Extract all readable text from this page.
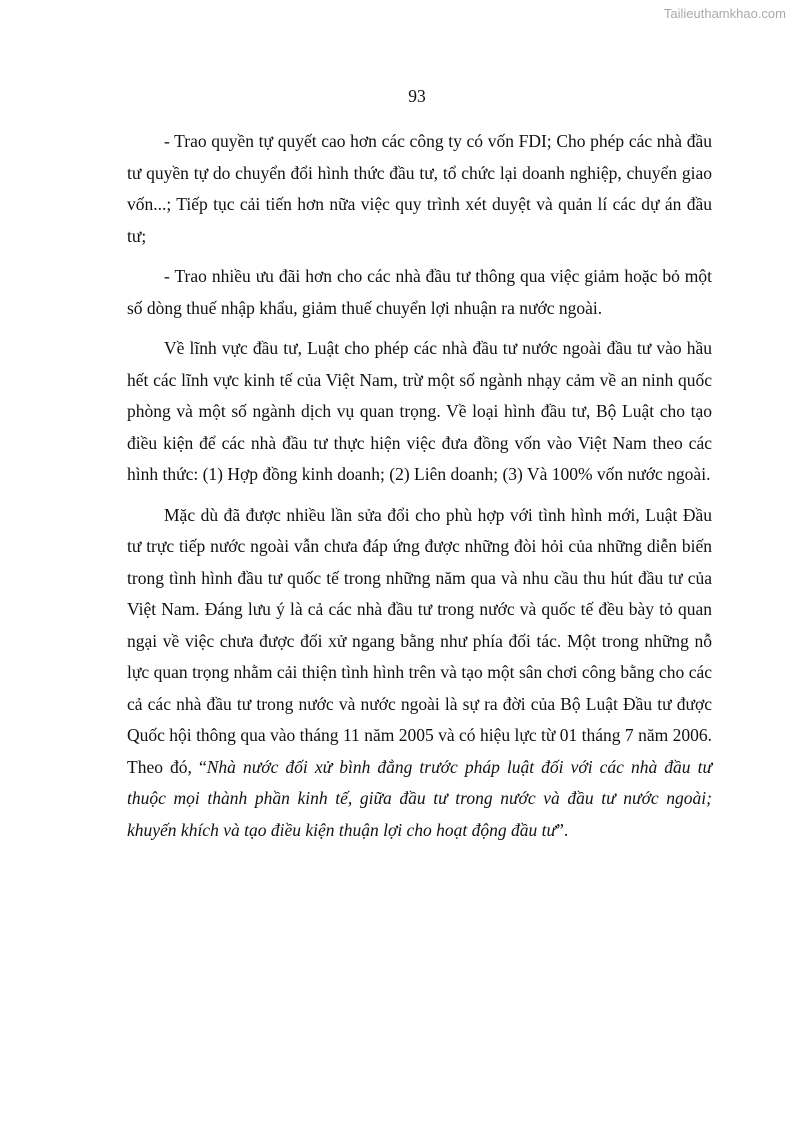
Tailieuthamkhao.com
93

- Trao quyền tự quyết cao hơn các công ty có vốn FDI; Cho phép các nhà đầu tư quyền tự do chuyển đổi hình thức đầu tư, tổ chức lại doanh nghiệp, chuyển giao vốn...; Tiếp tục cải tiến hơn nữa việc quy trình xét duyệt và quản lí các dự án đầu tư;

- Trao nhiều ưu đãi hơn cho các nhà đầu tư thông qua việc giảm hoặc bỏ một số dòng thuế nhập khẩu, giảm thuế chuyển lợi nhuận ra nước ngoài.

Về lĩnh vực đầu tư, Luật cho phép các nhà đầu tư nước ngoài đầu tư vào hầu hết các lĩnh vực kinh tế của Việt Nam, trừ một số ngành nhạy cảm về an ninh quốc phòng và một số ngành dịch vụ quan trọng. Về loại hình đầu tư, Bộ Luật cho tạo điều kiện để các nhà đầu tư thực hiện việc đưa đồng vốn vào Việt Nam theo các hình thức: (1) Hợp đồng kinh doanh; (2) Liên doanh; (3) Và 100% vốn nước ngoài.

Mặc dù đã được nhiều lần sửa đổi cho phù hợp với tình hình mới, Luật Đầu tư trực tiếp nước ngoài vẫn chưa đáp ứng được những đòi hỏi của những diễn biến trong tình hình đầu tư quốc tế trong những năm qua và nhu cầu thu hút đầu tư của Việt Nam. Đáng lưu ý là cả các nhà đầu tư trong nước và quốc tế đều bày tỏ quan ngại về việc chưa được đối xử ngang bằng như phía đối tác. Một trong những nỗ lực quan trọng nhằm cải thiện tình hình trên và tạo một sân chơi công bằng cho các cả các nhà đầu tư trong nước và nước ngoài là sự ra đời của Bộ Luật Đầu tư được Quốc hội thông qua vào tháng 11 năm 2005 và có hiệu lực từ 01 tháng 7 năm 2006. Theo đó, “Nhà nước đối xử bình đẳng trước pháp luật đối với các nhà đầu tư thuộc mọi thành phần kinh tế, giữa đầu tư trong nước và đầu tư nước ngoài; khuyến khích và tạo điều kiện thuận lợi cho hoạt động đầu tư”.
